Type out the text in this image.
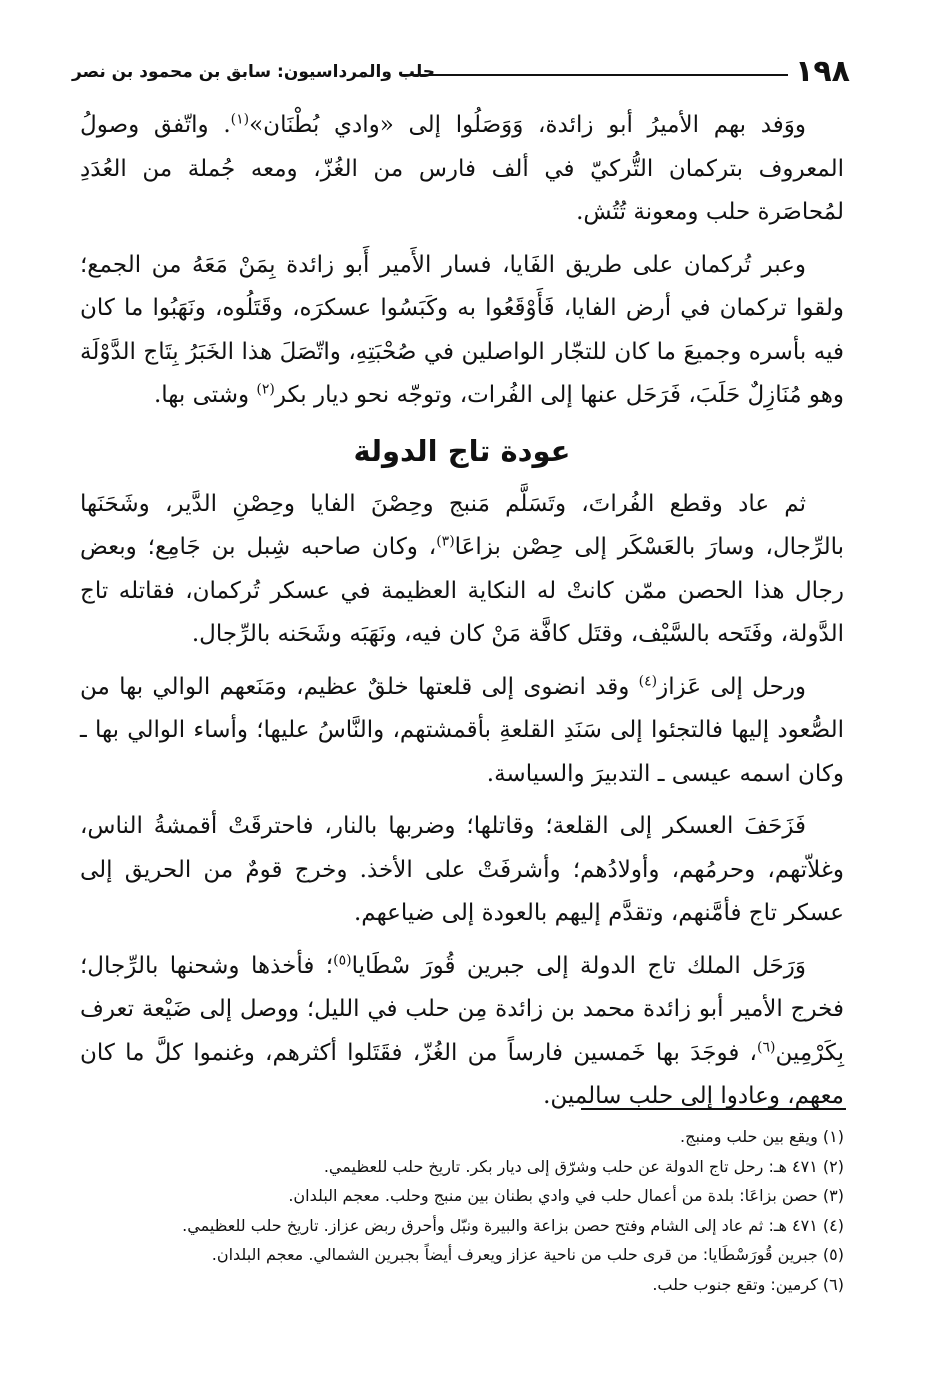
١٩٨
حلب والمرداسيون: سابق بن محمود بن نصر

ووَفد بهم الأميرُ أبو زائدة، وَوَصَلُوا إلى «وادي بُطْنَان»$^{(١)}$. واتّفق وصولُ المعروف بتركمان التُّركيّ في ألف فارس من الغُزّ، ومعه جُملة من العُدَدِ لمُحاصَرة حلب ومعونة تُتُش.

وعبر تُركمان على طريق الفَايا، فسار الأَمير أَبو زائدة بِمَنْ مَعَهُ من الجمع؛ ولقوا تركمان في أرض الفايا، فَأَوْقَعُوا به وكَبَسُوا عسكرَه، وقَتَلُوه، ونَهَبُوا ما كان فيه بأسره وجميعَ ما كان للتجّار الواصلين في صُحْبَتِهِ، واتّصَلَ هذا الخَبَرُ بِتَاج الدَّوْلَة وهو مُنَازِلٌ حَلَبَ، فَرَحَل عنها إلى الفُرات، وتوجّه نحو ديار بكر$^{(٢)}$ وشتى بها.

عودة تاج الدولة

ثم عاد وقطع الفُراتَ، وتَسَلَّم مَنبج وحِصْنَ الفايا وحِصْنِ الدَّير، وشَحَنَها بالرِّجال، وسارَ بالعَسْكَر إلى حِصْن بزاعَا$^{(٣)}$، وكان صاحبه شِبل بن جَامِع؛ وبعض رجال هذا الحصن ممّن كانتْ له النكاية العظيمة في عسكر تُركمان، فقاتله تاج الدَّولة، وفَتَحه بالسَّيْف، وقتَل كافَّة مَنْ كان فيه، ونَهَبَه وشَحَنه بالرِّجال.

ورحل إلى عَزاز$^{(٤)}$ وقد انضوى إلى قلعتها خلقٌ عظيم، ومَنَعهم الوالي بها من الصُّعود إليها فالتجئوا إلى سَنَدِ القلعةِ بأقمشتهم، والنَّاسُ عليها؛ وأساء الوالي بها ـ وكان اسمه عيسى ـ التدبيرَ والسياسة.

فَزَحَفَ العسكر إلى القلعة؛ وقاتلها؛ وضربها بالنار، فاحترقَتْ أقمشةُ الناس، وغلاّتهم، وحرمُهم، وأولادُهم؛ وأشرفَتْ على الأخذ. وخرج قومٌ من الحريق إلى عسكر تاج فأمَّنهم، وتقدَّم إليهم بالعودة إلى ضياعهم.

وَرَحَل الملك تاج الدولة إلى جبرين قُورَ سْطَايا$^{(٥)}$؛ فأخذها وشحنها بالرِّجال؛ فخرج الأمير أبو زائدة محمد بن زائدة مِن حلب في الليل؛ ووصل إلى ضَيْعة تعرف بِكَرْمِين$^{(٦)}$، فوجَدَ بها خَمسين فارساً من الغُزّ، فقَتَلوا أكثرهم، وغنموا كلَّ ما كان معهم، وعادوا إلى حلب سالمين.

(١) ويقع بين حلب ومنبج.
(٢) ٤٧١ هـ: رحل تاج الدولة عن حلب وشرّق إلى ديار بكر. تاريخ حلب للعظيمي.
(٣) حصن بزاعَا: بلدة من أعمال حلب في وادي بطنان بين منبج وحلب. معجم البلدان.
(٤) ٤٧١ هـ: ثم عاد إلى الشام وفتح حصن بزاعة والبيرة ونبّل وأحرق ربض عزاز. تاريخ حلب للعظيمي.
(٥) جبرين قُورَسْطَايا: من قرى حلب من ناحية عزاز ويعرف أيضاً بجبرين الشمالي. معجم البلدان.
(٦) كرمين: وتقع جنوب حلب.
